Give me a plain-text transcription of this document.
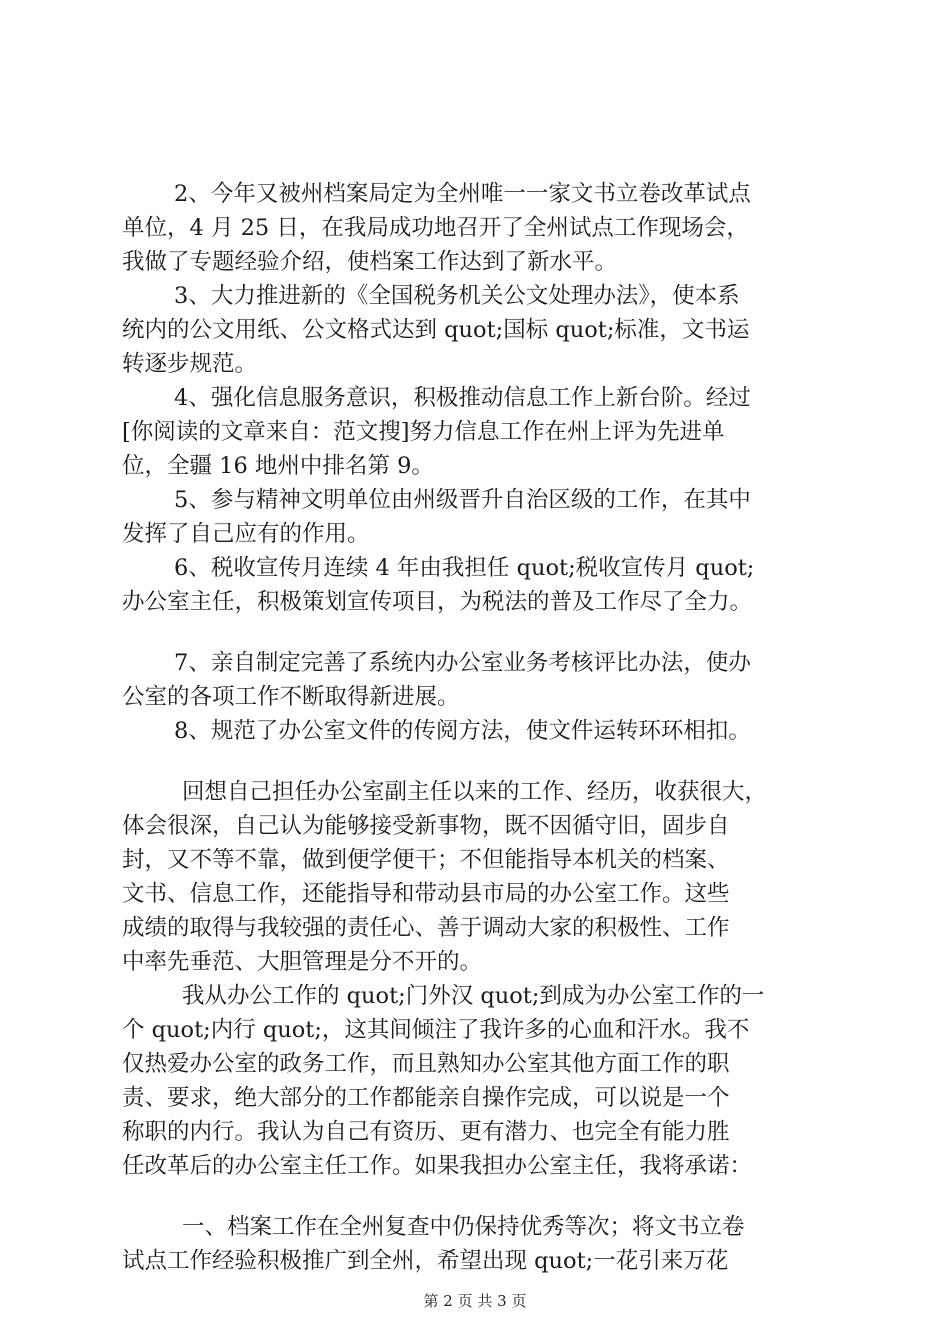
2、今年又被州档案局定为全州唯一一家文书立卷改革试点
单位，4 月 25 日，在我局成功地召开了全州试点工作现场会，
我做了专题经验介绍，使档案工作达到了新水平。
3、大力推进新的《全国税务机关公文处理办法》，使本系
统内的公文用纸、公文格式达到 quot;国标 quot;标准，文书运
转逐步规范。
4、强化信息服务意识，积极推动信息工作上新台阶。经过
[你阅读的文章来自：范文搜]努力信息工作在州上评为先进单
位，全疆 16 地州中排名第 9。
5、参与精神文明单位由州级晋升自治区级的工作，在其中
发挥了自己应有的作用。
6、税收宣传月连续 4 年由我担任 quot;税收宣传月 quot;
办公室主任，积极策划宣传项目，为税法的普及工作尽了全力。
7、亲自制定完善了系统内办公室业务考核评比办法，使办
公室的各项工作不断取得新进展。
8、规范了办公室文件的传阅方法，使文件运转环环相扣。
回想自己担任办公室副主任以来的工作、经历，收获很大，
体会很深，自己认为能够接受新事物，既不因循守旧，固步自
封，又不等不靠，做到便学便干；不但能指导本机关的档案、
文书、信息工作，还能指导和带动县市局的办公室工作。这些
成绩的取得与我较强的责任心、善于调动大家的积极性、工作
中率先垂范、大胆管理是分不开的。
我从办公工作的 quot;门外汉 quot;到成为办公室工作的一
个 quot;内行 quot;，这其间倾注了我许多的心血和汗水。我不
仅热爱办公室的政务工作，而且熟知办公室其他方面工作的职
责、要求，绝大部分的工作都能亲自操作完成，可以说是一个
称职的内行。我认为自己有资历、更有潜力、也完全有能力胜
任改革后的办公室主任工作。如果我担办公室主任，我将承诺：
一、档案工作在全州复查中仍保持优秀等次；将文书立卷
试点工作经验积极推广到全州，希望出现 quot;一花引来万花
第 2 页 共 3 页
